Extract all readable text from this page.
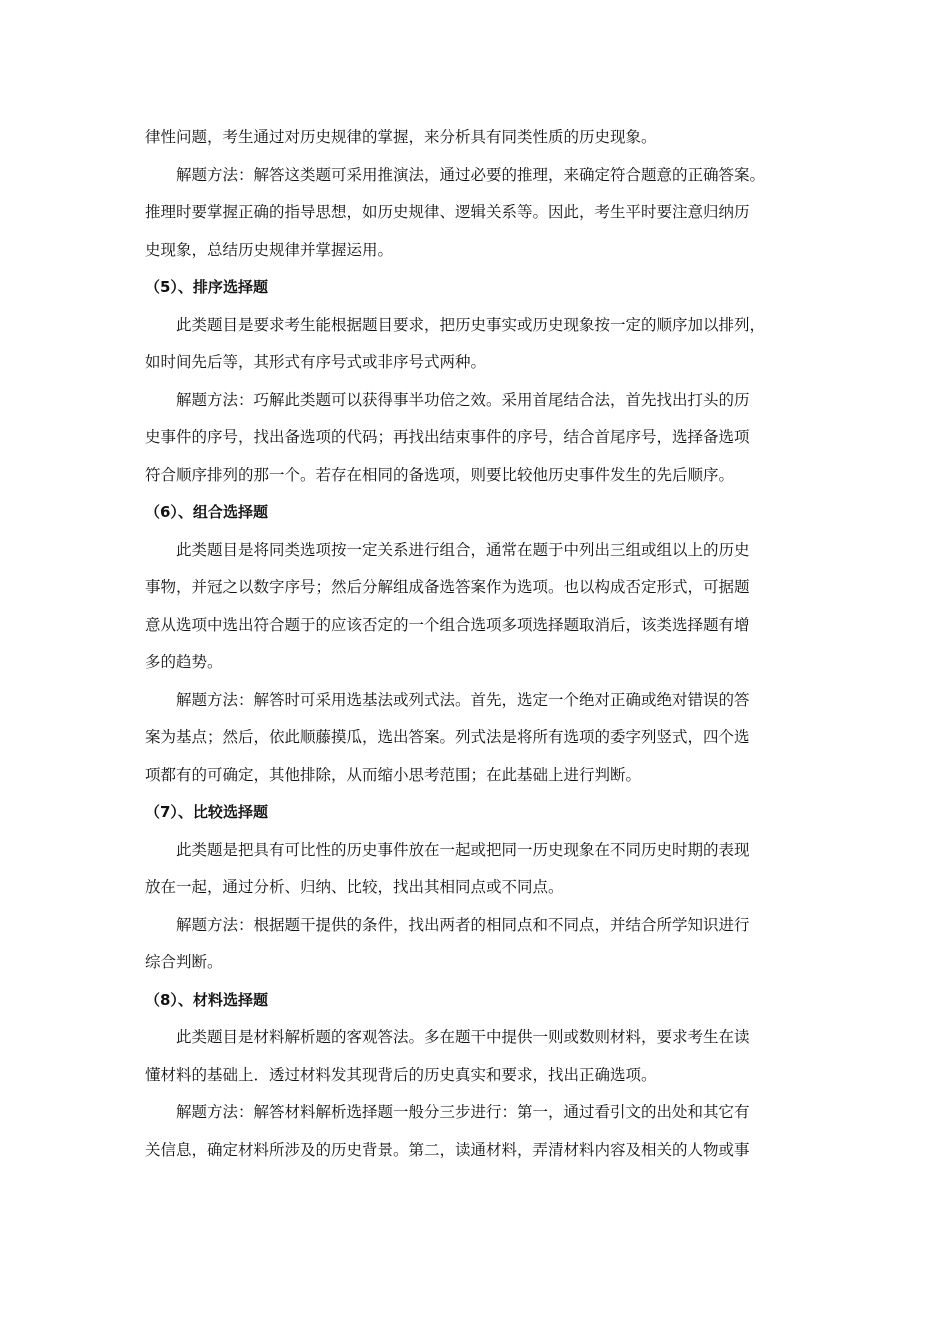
律性问题，考生通过对历史规律的掌握，来分析具有同类性质的历史现象。
解题方法：解答这类题可采用推演法，通过必要的推理，来确定符合题意的正确答案。
推理时要掌握正确的指导思想，如历史规律、逻辑关系等。因此，考生平时要注意归纳历
史现象，总结历史规律并掌握运用。
（5）、排序选择题
此类题目是要求考生能根据题目要求，把历史事实或历史现象按一定的顺序加以排列，
如时间先后等，其形式有序号式或非序号式两种。
解题方法：巧解此类题可以获得事半功倍之效。采用首尾结合法，首先找出打头的历
史事件的序号，找出备选项的代码；再找出结束事件的序号，结合首尾序号，选择备选项
符合顺序排列的那一个。若存在相同的备选项，则要比较他历史事件发生的先后顺序。
（6）、组合选择题
此类题目是将同类选项按一定关系进行组合，通常在题于中列出三组或组以上的历史
事物，并冠之以数字序号；然后分解组成备选答案作为选项。也以构成否定形式，可据题
意从选项中选出符合题于的应该否定的一个组合选项多项选择题取消后，该类选择题有增
多的趋势。
解题方法：解答时可采用选基法或列式法。首先，选定一个绝对正确或绝对错误的答
案为基点；然后，依此顺藤摸瓜，选出答案。列式法是将所有选项的委字列竖式，四个选
项都有的可确定，其他排除，从而缩小思考范围；在此基础上进行判断。
（7）、比较选择题
此类题是把具有可比性的历史事件放在一起或把同一历史现象在不同历史时期的表现
放在一起，通过分析、归纳、比较，找出其相同点或不同点。
解题方法：根据题干提供的条件，找出两者的相同点和不同点，并结合所学知识进行
综合判断。
（8）、材料选择题
此类题目是材料解析题的客观答法。多在题干中提供一则或数则材料，要求考生在读
懂材料的基础上．透过材料发其现背后的历史真实和要求，找出正确选项。
解题方法：解答材料解析选择题一般分三步进行：第一，通过看引文的出处和其它有
关信息，确定材料所涉及的历史背景。第二，读通材料，弄清材料内容及相关的人物或事
